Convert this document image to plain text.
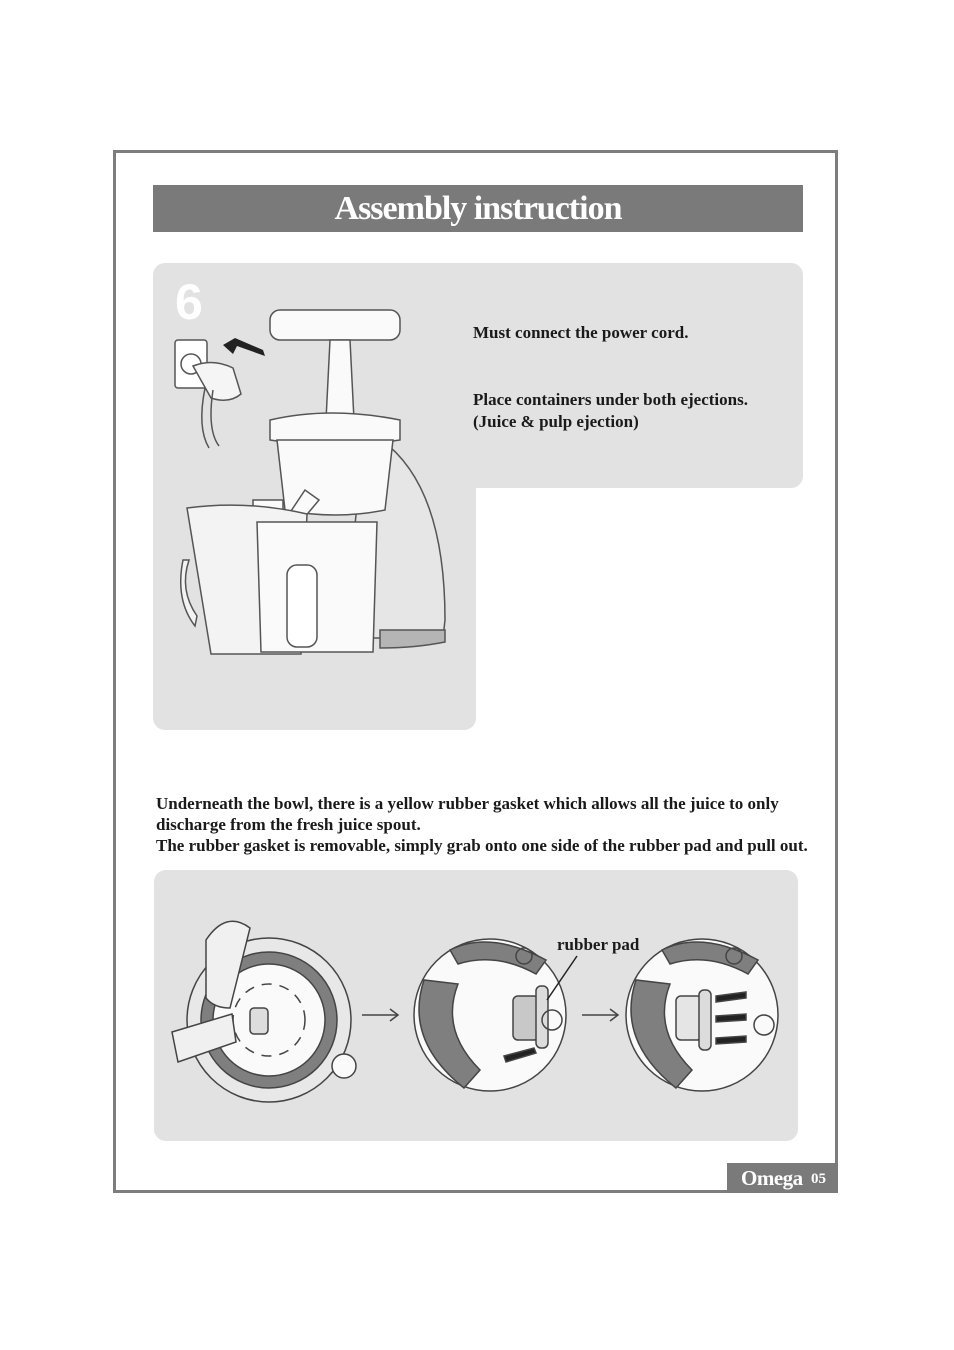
Assembly instruction
6
Must connect the power cord.
Place containers under both ejections.
(Juice & pulp ejection)

Underneath the bowl, there is a yellow rubber gasket which allows all the juice to only discharge from the fresh juice spout.

The rubber gasket is removable, simply grab onto one side of the rubber pad and pull out.

rubber pad
Omega 05
